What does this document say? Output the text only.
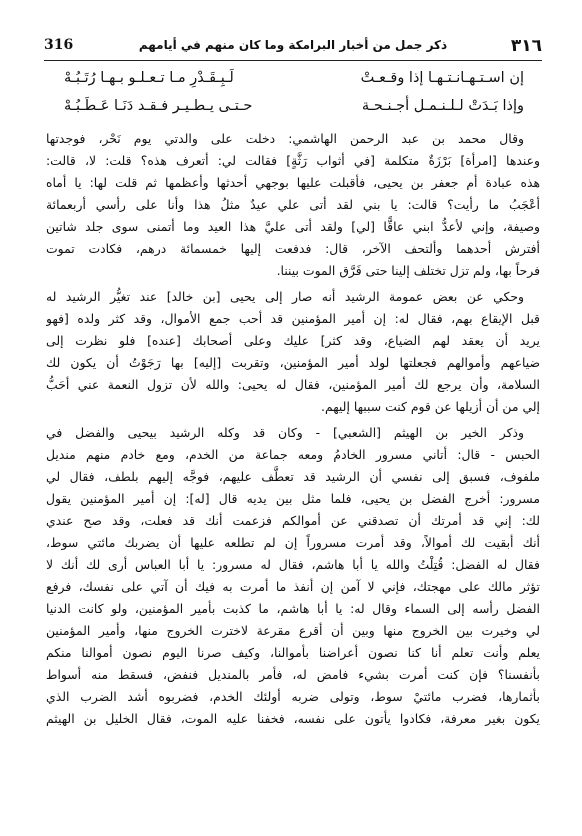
٣١٦
ذكر جمل من أخبار البرامكة وما كان منهم في أيامهم
316
إن اسـتـهـانـتـهـا إذا وقـعـتْ
لَـبِـقَـدْرِ مـا تـعـلـو بـهـا رُتَـبُـهْ
وإذا بَـدَتْ لـلـنـمـل أجـنـحـة
حـتـى يـطـيـر فـقـد دَنَـا عَـطَـبُـهْ
وقال محمد بن عبد الرحمن الهاشمي: دخلت على والدتي يوم نَحْر، فوجدتها
وعندها [امرأة] بَرْزَةٌ متكلمة [في أثواب رَثَّةٍ] فقالت لي: أتعرف هذه؟ قلت: لا، قالت:
هذه عبادة أم جعفر بن يحيى، فأقبلت عليها بوجهي أحدثها وأعظمها ثم قلت لها: يا أماه
أعْجَبُ ما رأيت؟ قالت: يا بني لقد أتى علي عيدٌ مثلُ هذا وأنا على رأسي أربعمائة
وصيفة، وإني لأعدُّ ابني عاقًّا [لي] ولقد أتى عليَّ هذا العيد وما أتمنى سوى جلد شاتين
أفترش أحدهما وألتحف الآخر، قال: فدفعت إليها خمسمائة درهم، فكادت تموت
فرحاً بها، ولم تزل تختلف إلينا حتى فَرَّق الموت بيننا.
وحكي عن بعض عمومة الرشيد أنه صار إلى يحيى [بن خالد] عند تغيُّر الرشيد له
قبل الإيقاع بهم، فقال له: إن أمير المؤمنين قد أحب جمع الأموال، وقد كثر ولده [فهو
يريد أن يعقد لهم الضياع، وقد كثر] عليك وعلى أصحابك [عنده] فلو نظرت إلى
ضياعهم وأموالهم فجعلتها لولد أمير المؤمنين، وتقربت [إليه] بها رَجَوْتُ أن يكون لك
السلامة، وأن يرجع لك أمير المؤمنين، فقال له يحيى: والله لأن تزول النعمة عني أحَبُّ
إلي من أن أزيلها عن قوم كنت سببها إليهم.
وذكر الخير بن الهيثم [الشعبي] - وكان قد وكله الرشيد بيحيى والفضل في
الحبس - قال: أتاني مسرور الخادمُ ومعه جماعة من الخدم، ومع خادم منهم منديل
ملفوف، فسبق إلى نفسي أن الرشيد قد تعطَّف عليهم، فوجَّه إليهم بلطف، فقال لي
مسرور: أخرج الفضل بن يحيى، فلما مثل بين يديه قال [له]: إن أمير المؤمنين يقول
لك: إني قد أمرتك أن تصدقني عن أموالكم فزعمت أنك قد فعلت، وقد صح عندي
أنك أبقيت لك أموالاً، وقد أمرت مسروراً إن لم تطلعه عليها أن يضربك مائتي سوط،
فقال له الفضل: قُتِلْتُ والله يا أبا هاشم، فقال له مسرور: يا أبا العباس أرى لك أنك لا
تؤثر مالك على مهجتك، فإني لا آمن إن أنفذ ما أمرت به فيك أن آتي على نفسك، فرفع
الفضل رأسه إلى السماء وقال له: يا أبا هاشم، ما كذبت بأمير المؤمنين، ولو كانت الدنيا
لي وخيرت بين الخروج منها وبين أن أقرع مقرعة لاخترت الخروج منها، وأمير المؤمنين
يعلم وأنت تعلم أنا كنا نصون أعراضنا بأموالنا، وكيف صرنا اليوم نصون أموالنا منكم
بأنفسنا؟ فإن كنت أمرت بشيء فامض له، فأمر بالمنديل فنفض، فسقط منه أسواط
بأثمارها، فضرب مائتيْ سوط، وتولى ضربه أولئك الخدم، فضربوه أشد الضرب الذي
يكون بغير معرفة، فكادوا يأتون على نفسه، فخفنا عليه الموت، فقال الخليل بن الهيثم
